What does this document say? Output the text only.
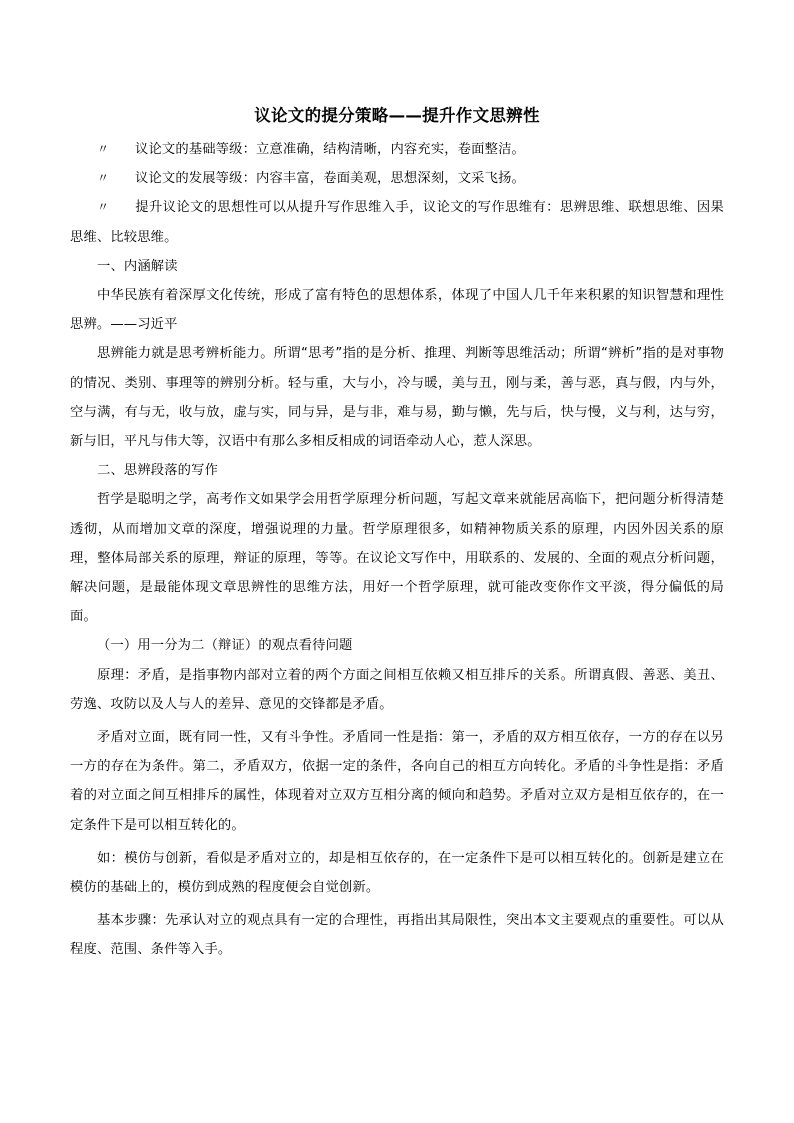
议论文的提分策略——提升作文思辨性

〃 议论文的基础等级：立意准确，结构清晰，内容充实，卷面整洁。

〃 议论文的发展等级：内容丰富，卷面美观，思想深刻，文采飞扬。

〃 提升议论文的思想性可以从提升写作思维入手，议论文的写作思维有：思辨思维、联想思维、因果思维、比较思维。

一、内涵解读

中华民族有着深厚文化传统，形成了富有特色的思想体系，体现了中国人几千年来积累的知识智慧和理性思辨。——习近平

思辨能力就是思考辨析能力。所谓“思考”指的是分析、推理、判断等思维活动；所谓“辨析”指的是对事物的情况、类别、事理等的辨别分析。轻与重，大与小，冷与暖，美与丑，刚与柔，善与恶，真与假，内与外，空与满，有与无，收与放，虚与实，同与异，是与非，难与易，勤与懒，先与后，快与慢，义与利，达与穷，新与旧，平凡与伟大等，汉语中有那么多相反相成的词语牵动人心，惹人深思。

二、思辨段落的写作

哲学是聪明之学，高考作文如果学会用哲学原理分析问题，写起文章来就能居高临下，把问题分析得清楚透彻，从而增加文章的深度，增强说理的力量。哲学原理很多，如精神物质关系的原理，内因外因关系的原理，整体局部关系的原理，辩证的原理，等等。在议论文写作中，用联系的、发展的、全面的观点分析问题，解决问题，是最能体现文章思辨性的思维方法，用好一个哲学原理，就可能改变你作文平淡，得分偏低的局面。

（一）用一分为二（辩证）的观点看待问题

原理：矛盾，是指事物内部对立着的两个方面之间相互依赖又相互排斥的关系。所谓真假、善恶、美丑、劳逸、攻防以及人与人的差异、意见的交锋都是矛盾。

矛盾对立面，既有同一性，又有斗争性。矛盾同一性是指：第一，矛盾的双方相互依存，一方的存在以另一方的存在为条件。第二，矛盾双方，依据一定的条件，各向自己的相互方向转化。矛盾的斗争性是指：矛盾着的对立面之间互相排斥的属性，体现着对立双方互相分离的倾向和趋势。矛盾对立双方是相互依存的，在一定条件下是可以相互转化的。

如：模仿与创新，看似是矛盾对立的，却是相互依存的，在一定条件下是可以相互转化的。创新是建立在模仿的基础上的，模仿到成熟的程度便会自觉创新。

基本步骤：先承认对立的观点具有一定的合理性，再指出其局限性，突出本文主要观点的重要性。可以从程度、范围、条件等入手。
